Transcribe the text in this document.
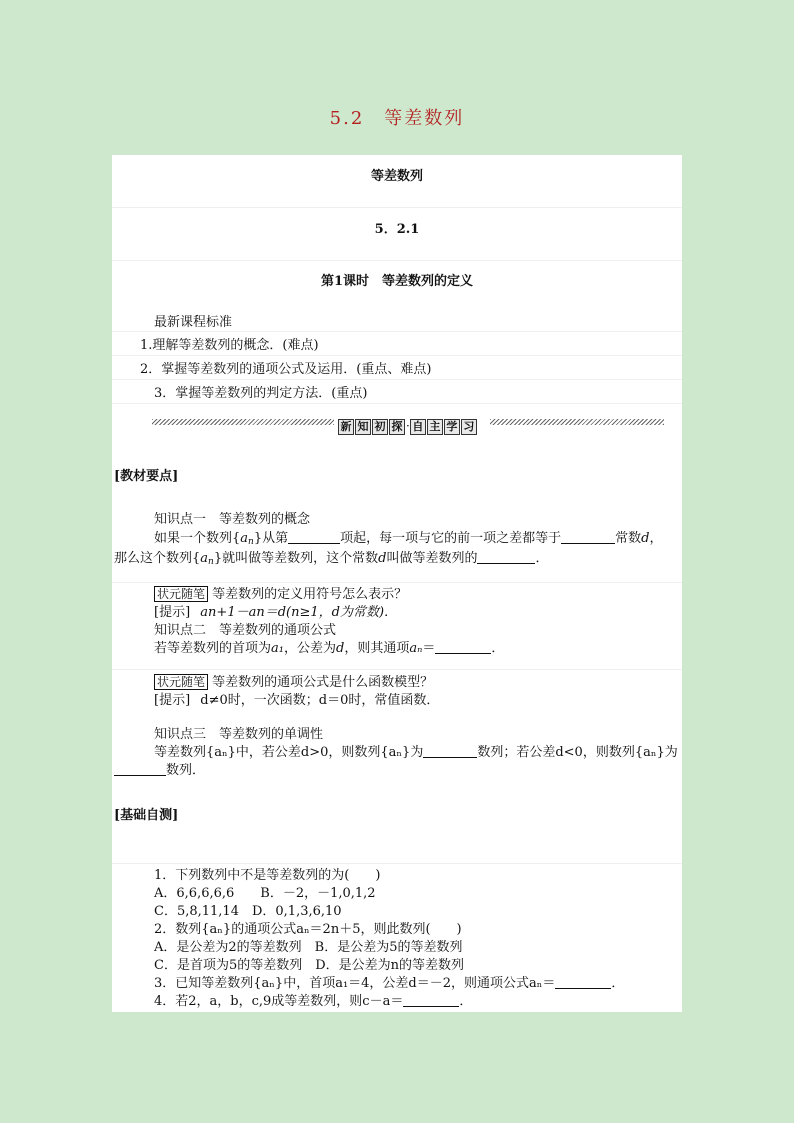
5.2　等差数列
等差数列
5．2.1
第1课时　等差数列的定义
最新课程标准
1.理解等差数列的概念．(难点)
2．掌握等差数列的通项公式及运用．(重点、难点)
3．掌握等差数列的判定方法．(重点)
新 知 初 探 · 自 主 学 习
[教材要点]
知识点一　等差数列的概念
如果一个数列$\{a_n\}$从第	项起，每一项与它的前一项之差都等于	常数d，
那么这个数列$\{a_n\}$就叫做等差数列，这个常数d叫做等差数列的	．
状元随笔 等差数列的定义用符号怎么表示？
[提示] an+1－an＝d(n≥1，d为常数)．
知识点二　等差数列的通项公式
若等差数列的首项为a₁，公差为d，则其通项aₙ＝	．
状元随笔 等差数列的通项公式是什么函数模型？
[提示] d≠0时，一次函数；d＝0时，常值函数．
知识点三　等差数列的单调性
等差数列{aₙ}中，若公差d>0，则数列{aₙ}为	数列；若公差d<0，则数列{aₙ}为
数列．
[基础自测]
1．下列数列中不是等差数列的为(　　)
A．6,6,6,6,6　　B．－2，－1,0,1,2
C．5,8,11,14　D．0,1,3,6,10
2．数列{aₙ}的通项公式aₙ＝2n＋5，则此数列(　　)
A．是公差为2的等差数列　B．是公差为5的等差数列
C．是首项为5的等差数列　D．是公差为n的等差数列
3．已知等差数列{aₙ}中，首项a₁＝4，公差d＝－2，则通项公式aₙ＝	．
4．若2，a，b，c,9成等差数列，则c－a＝	．
